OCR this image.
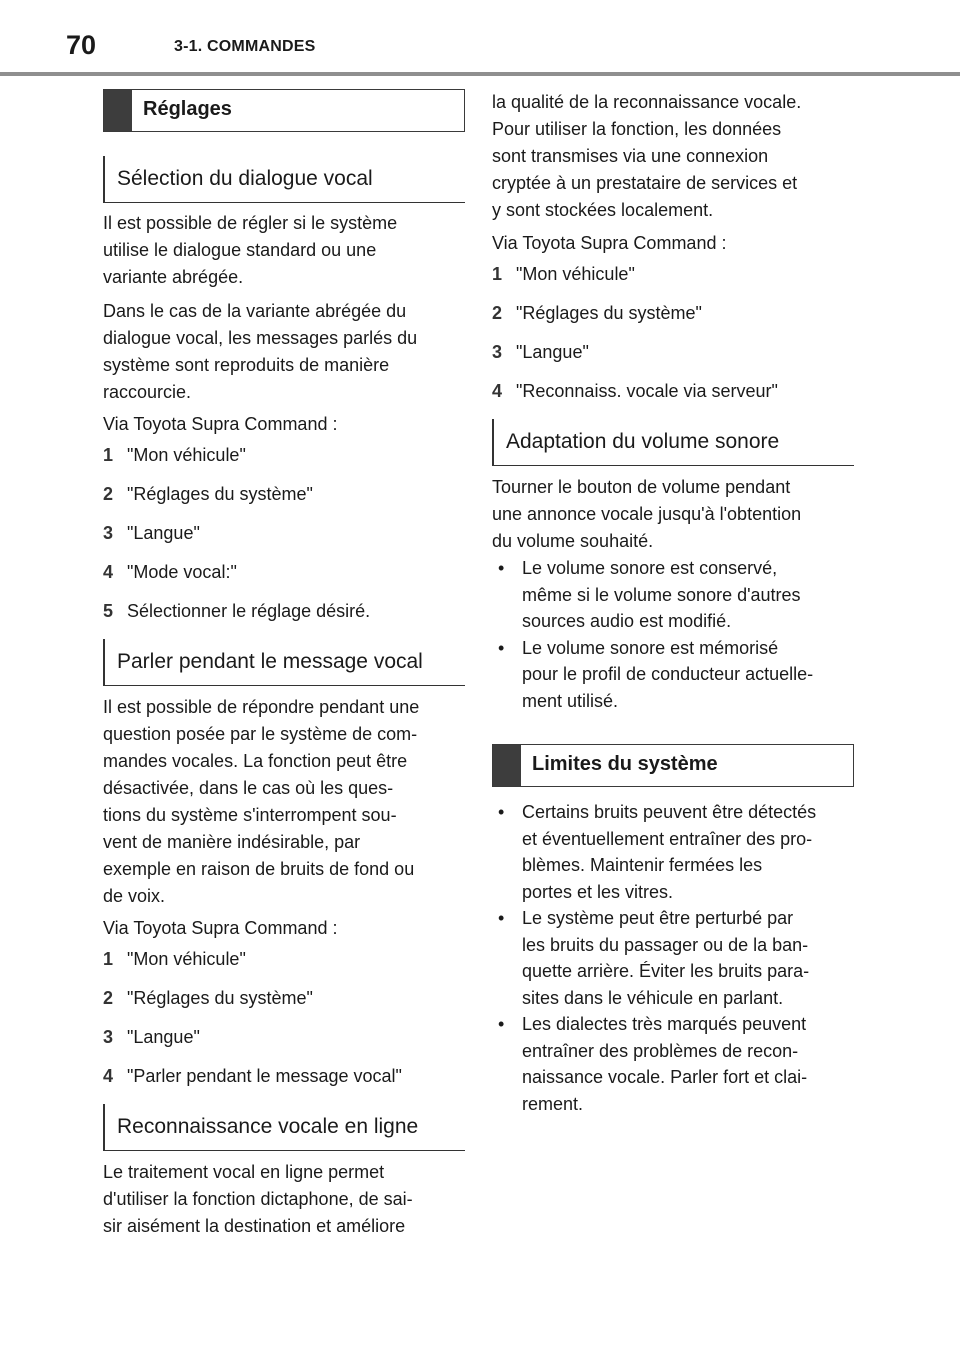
70	3-1. COMMANDES
Réglages
Sélection du dialogue vocal
Il est possible de régler si le système
utilise le dialogue standard ou une
variante abrégée.
Dans le cas de la variante abrégée du
dialogue vocal, les messages parlés du
système sont reproduits de manière
raccourcie.
Via Toyota Supra Command :
1 "Mon véhicule"
2 "Réglages du système"
3 "Langue"
4 "Mode vocal:"
5 Sélectionner le réglage désiré.
Parler pendant le message vocal
Il est possible de répondre pendant une
question posée par le système de com-
mandes vocales. La fonction peut être
désactivée, dans le cas où les ques-
tions du système s'interrompent sou-
vent de manière indésirable, par
exemple en raison de bruits de fond ou
de voix.
Via Toyota Supra Command :
1 "Mon véhicule"
2 "Réglages du système"
3 "Langue"
4 "Parler pendant le message vocal"
Reconnaissance vocale en ligne
Le traitement vocal en ligne permet
d'utiliser la fonction dictaphone, de sai-
sir aisément la destination et améliore
la qualité de la reconnaissance vocale.
Pour utiliser la fonction, les données
sont transmises via une connexion
cryptée à un prestataire de services et
y sont stockées localement.
Via Toyota Supra Command :
1 "Mon véhicule"
2 "Réglages du système"
3 "Langue"
4 "Reconnaiss. vocale via serveur"
Adaptation du volume sonore
Tourner le bouton de volume pendant
une annonce vocale jusqu'à l'obtention
du volume souhaité.
• Le volume sonore est conservé,
même si le volume sonore d'autres
sources audio est modifié.
• Le volume sonore est mémorisé
pour le profil de conducteur actuelle-
ment utilisé.
Limites du système
• Certains bruits peuvent être détectés
et éventuellement entraîner des pro-
blèmes. Maintenir fermées les
portes et les vitres.
• Le système peut être perturbé par
les bruits du passager ou de la ban-
quette arrière. Éviter les bruits para-
sites dans le véhicule en parlant.
• Les dialectes très marqués peuvent
entraîner des problèmes de recon-
naissance vocale. Parler fort et clai-
rement.
